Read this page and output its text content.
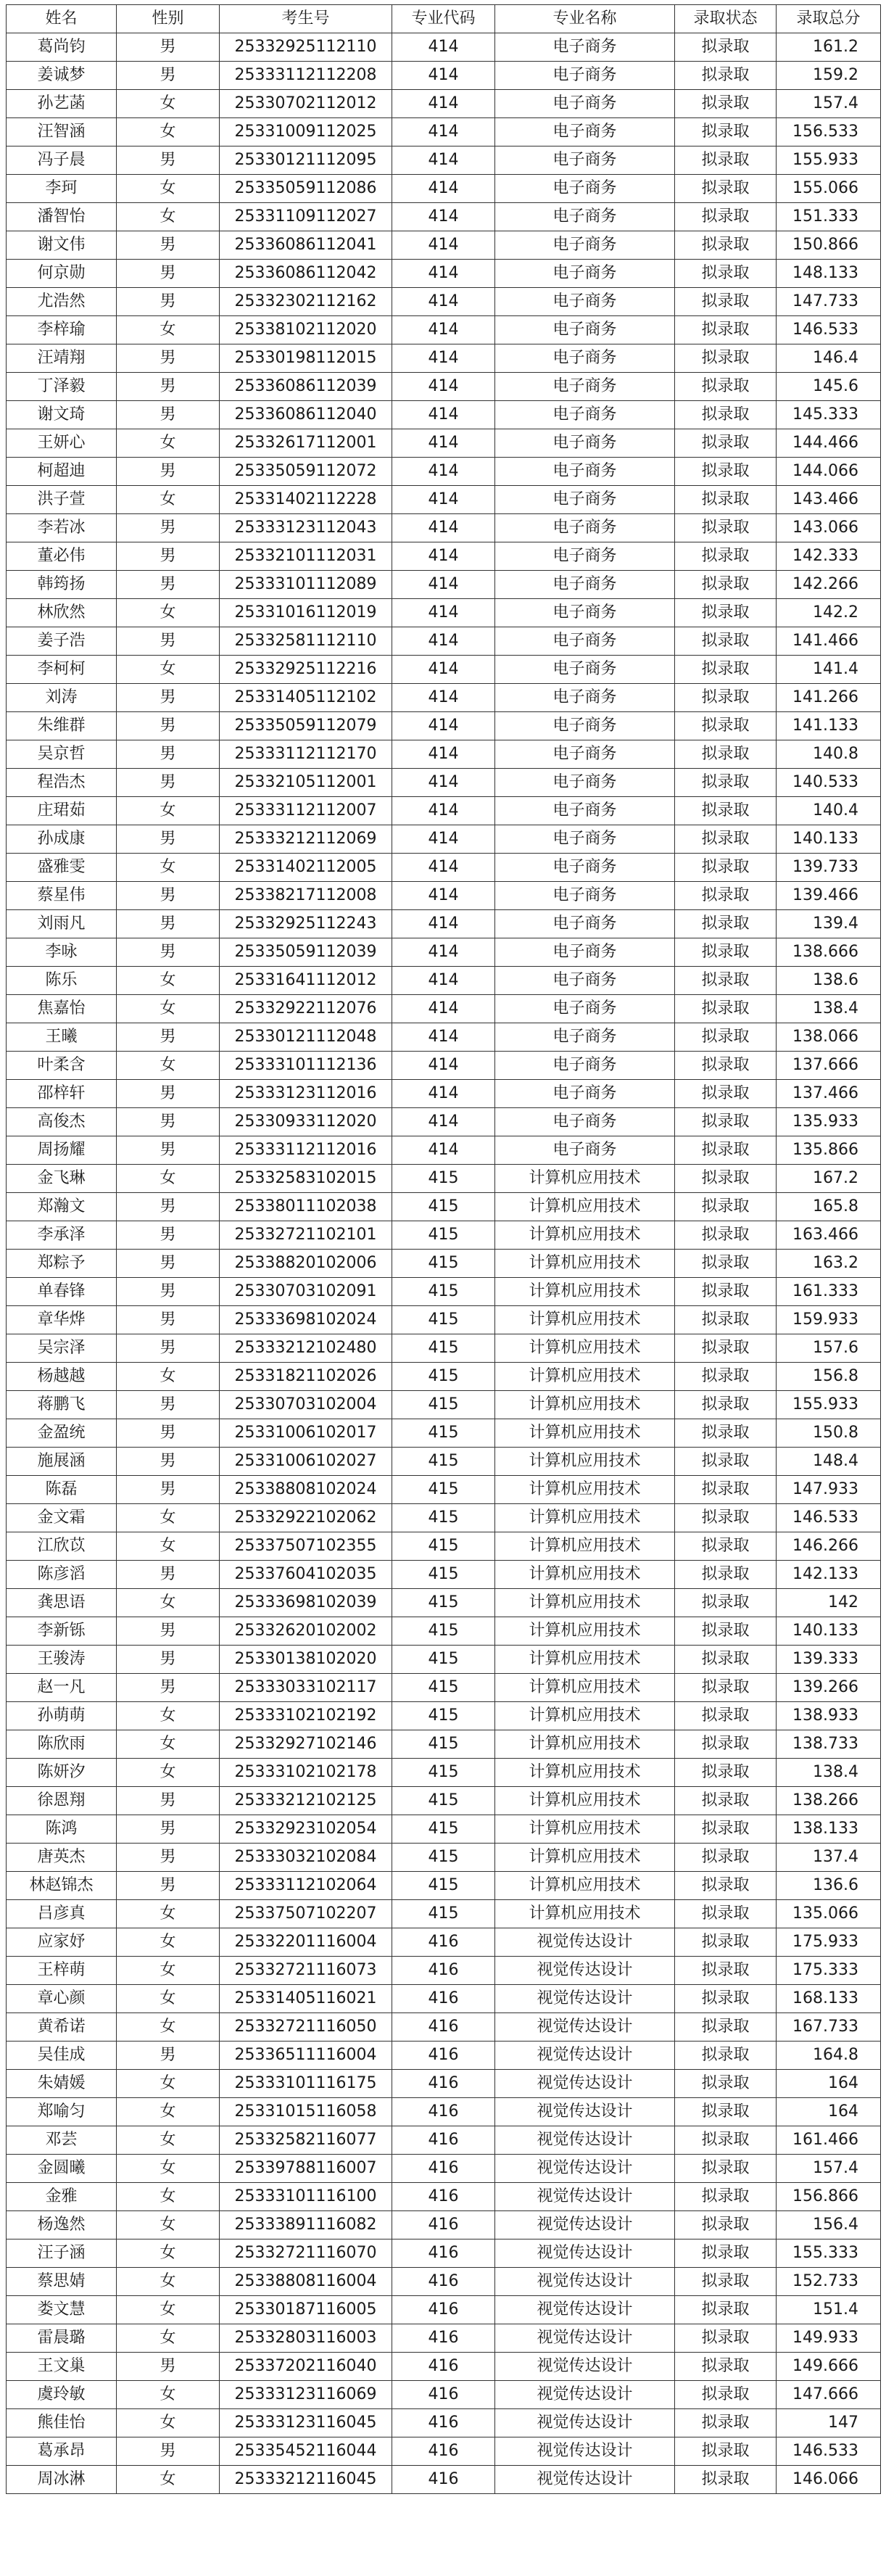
姓名	性别	考生号	专业代码	专业名称	录取状态	录取总分
葛尚钧	男	25332925112110	414	电子商务	拟录取	161.2
姜诚梦	男	25333112112208	414	电子商务	拟录取	159.2
孙艺菡	女	25330702112012	414	电子商务	拟录取	157.4
汪智涵	女	25331009112025	414	电子商务	拟录取	156.533
冯子晨	男	25330121112095	414	电子商务	拟录取	155.933
李珂	女	25335059112086	414	电子商务	拟录取	155.066
潘智怡	女	25331109112027	414	电子商务	拟录取	151.333
谢文伟	男	25336086112041	414	电子商务	拟录取	150.866
何京勋	男	25336086112042	414	电子商务	拟录取	148.133
尤浩然	男	25332302112162	414	电子商务	拟录取	147.733
李梓瑜	女	25338102112020	414	电子商务	拟录取	146.533
汪靖翔	男	25330198112015	414	电子商务	拟录取	146.4
丁泽毅	男	25336086112039	414	电子商务	拟录取	145.6
谢文琦	男	25336086112040	414	电子商务	拟录取	145.333
王妍心	女	25332617112001	414	电子商务	拟录取	144.466
柯超迪	男	25335059112072	414	电子商务	拟录取	144.066
洪子萱	女	25331402112228	414	电子商务	拟录取	143.466
李若冰	男	25333123112043	414	电子商务	拟录取	143.066
董必伟	男	25332101112031	414	电子商务	拟录取	142.333
韩筠扬	男	25333101112089	414	电子商务	拟录取	142.266
林欣然	女	25331016112019	414	电子商务	拟录取	142.2
姜子浩	男	25332581112110	414	电子商务	拟录取	141.466
李柯柯	女	25332925112216	414	电子商务	拟录取	141.4
刘涛	男	25331405112102	414	电子商务	拟录取	141.266
朱维群	男	25335059112079	414	电子商务	拟录取	141.133
吴京哲	男	25333112112170	414	电子商务	拟录取	140.8
程浩杰	男	25332105112001	414	电子商务	拟录取	140.533
庄珺茹	女	25333112112007	414	电子商务	拟录取	140.4
孙成康	男	25333212112069	414	电子商务	拟录取	140.133
盛雅雯	女	25331402112005	414	电子商务	拟录取	139.733
蔡星伟	男	25338217112008	414	电子商务	拟录取	139.466
刘雨凡	男	25332925112243	414	电子商务	拟录取	139.4
李咏	男	25335059112039	414	电子商务	拟录取	138.666
陈乐	女	25331641112012	414	电子商务	拟录取	138.6
焦嘉怡	女	25332922112076	414	电子商务	拟录取	138.4
王曦	男	25330121112048	414	电子商务	拟录取	138.066
叶柔含	女	25333101112136	414	电子商务	拟录取	137.666
邵梓轩	男	25333123112016	414	电子商务	拟录取	137.466
高俊杰	男	25330933112020	414	电子商务	拟录取	135.933
周扬耀	男	25333112112016	414	电子商务	拟录取	135.866
金飞琳	女	25332583102015	415	计算机应用技术	拟录取	167.2
郑瀚文	男	25338011102038	415	计算机应用技术	拟录取	165.8
李承泽	男	25332721102101	415	计算机应用技术	拟录取	163.466
郑粽予	男	25338820102006	415	计算机应用技术	拟录取	163.2
单春锋	男	25330703102091	415	计算机应用技术	拟录取	161.333
章华烨	男	25333698102024	415	计算机应用技术	拟录取	159.933
吴宗泽	男	25333212102480	415	计算机应用技术	拟录取	157.6
杨越越	女	25331821102026	415	计算机应用技术	拟录取	156.8
蒋鹏飞	男	25330703102004	415	计算机应用技术	拟录取	155.933
金盈统	男	25331006102017	415	计算机应用技术	拟录取	150.8
施展涵	男	25331006102027	415	计算机应用技术	拟录取	148.4
陈磊	男	25338808102024	415	计算机应用技术	拟录取	147.933
金文霜	女	25332922102062	415	计算机应用技术	拟录取	146.533
江欣苡	女	25337507102355	415	计算机应用技术	拟录取	146.266
陈彦滔	男	25337604102035	415	计算机应用技术	拟录取	142.133
龚思语	女	25333698102039	415	计算机应用技术	拟录取	142
李新铄	男	25332620102002	415	计算机应用技术	拟录取	140.133
王骏涛	男	25330138102020	415	计算机应用技术	拟录取	139.333
赵一凡	男	25333033102117	415	计算机应用技术	拟录取	139.266
孙萌萌	女	25333102102192	415	计算机应用技术	拟录取	138.933
陈欣雨	女	25332927102146	415	计算机应用技术	拟录取	138.733
陈妍汐	女	25333102102178	415	计算机应用技术	拟录取	138.4
徐恩翔	男	25333212102125	415	计算机应用技术	拟录取	138.266
陈鸿	男	25332923102054	415	计算机应用技术	拟录取	138.133
唐英杰	男	25333032102084	415	计算机应用技术	拟录取	137.4
林赵锦杰	男	25333112102064	415	计算机应用技术	拟录取	136.6
吕彦真	女	25337507102207	415	计算机应用技术	拟录取	135.066
应家妤	女	25332201116004	416	视觉传达设计	拟录取	175.933
王梓萌	女	25332721116073	416	视觉传达设计	拟录取	175.333
章心颜	女	25331405116021	416	视觉传达设计	拟录取	168.133
黄希诺	女	25332721116050	416	视觉传达设计	拟录取	167.733
吴佳成	男	25336511116004	416	视觉传达设计	拟录取	164.8
朱婧媛	女	25333101116175	416	视觉传达设计	拟录取	164
郑喻匀	女	25331015116058	416	视觉传达设计	拟录取	164
邓芸	女	25332582116077	416	视觉传达设计	拟录取	161.466
金圆曦	女	25339788116007	416	视觉传达设计	拟录取	157.4
金雅	女	25333101116100	416	视觉传达设计	拟录取	156.866
杨逸然	女	25333891116082	416	视觉传达设计	拟录取	156.4
汪子涵	女	25332721116070	416	视觉传达设计	拟录取	155.333
蔡思婧	女	25338808116004	416	视觉传达设计	拟录取	152.733
娄文慧	女	25330187116005	416	视觉传达设计	拟录取	151.4
雷晨璐	女	25332803116003	416	视觉传达设计	拟录取	149.933
王文巢	男	25337202116040	416	视觉传达设计	拟录取	149.666
虞玲敏	女	25333123116069	416	视觉传达设计	拟录取	147.666
熊佳怡	女	25333123116045	416	视觉传达设计	拟录取	147
葛承昂	男	25335452116044	416	视觉传达设计	拟录取	146.533
周冰淋	女	25333212116045	416	视觉传达设计	拟录取	146.066
